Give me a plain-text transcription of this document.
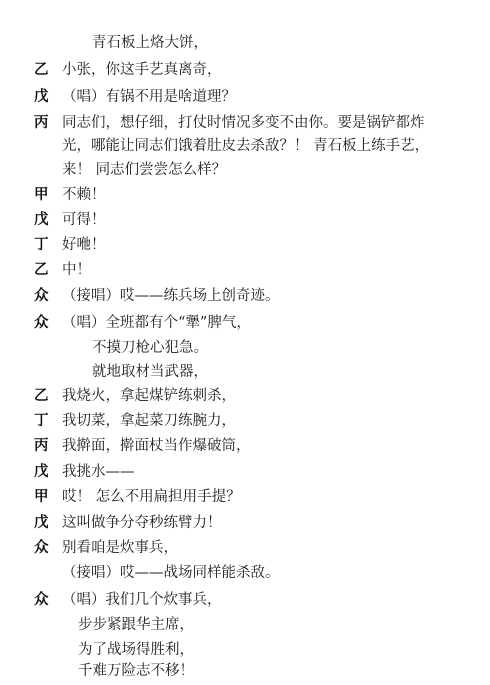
青石板上烙大饼，
乙 小张，你这手艺真离奇，
戊 （唱）有锅不用是啥道理？
丙 同志们，想仔细，打仗时情况多变不由你。要是锅铲都炸
光，哪能让同志们饿着肚皮去杀敌？！ 青石板上练手艺，
来！ 同志们尝尝怎么样？
甲 不赖！
戊 可得！
丁 好咃！
乙 中！
众 （接唱）哎——练兵场上创奇迹。
众 （唱）全班都有个“犟”脾气，
不摸刀枪心犯急。
就地取材当武器，
乙 我烧火，拿起煤铲练刺杀，
丁 我切菜，拿起菜刀练腕力，
丙 我擀面，擀面杖当作爆破筒，
戊 我挑水——
甲 哎！ 怎么不用扁担用手提？
戊 这叫做争分夺秒练臂力！
众 别看咱是炊事兵，
（接唱）哎——战场同样能杀敌。
众 （唱）我们几个炊事兵，
步步紧跟华主席，
为了战场得胜利，
千难万险志不移！
